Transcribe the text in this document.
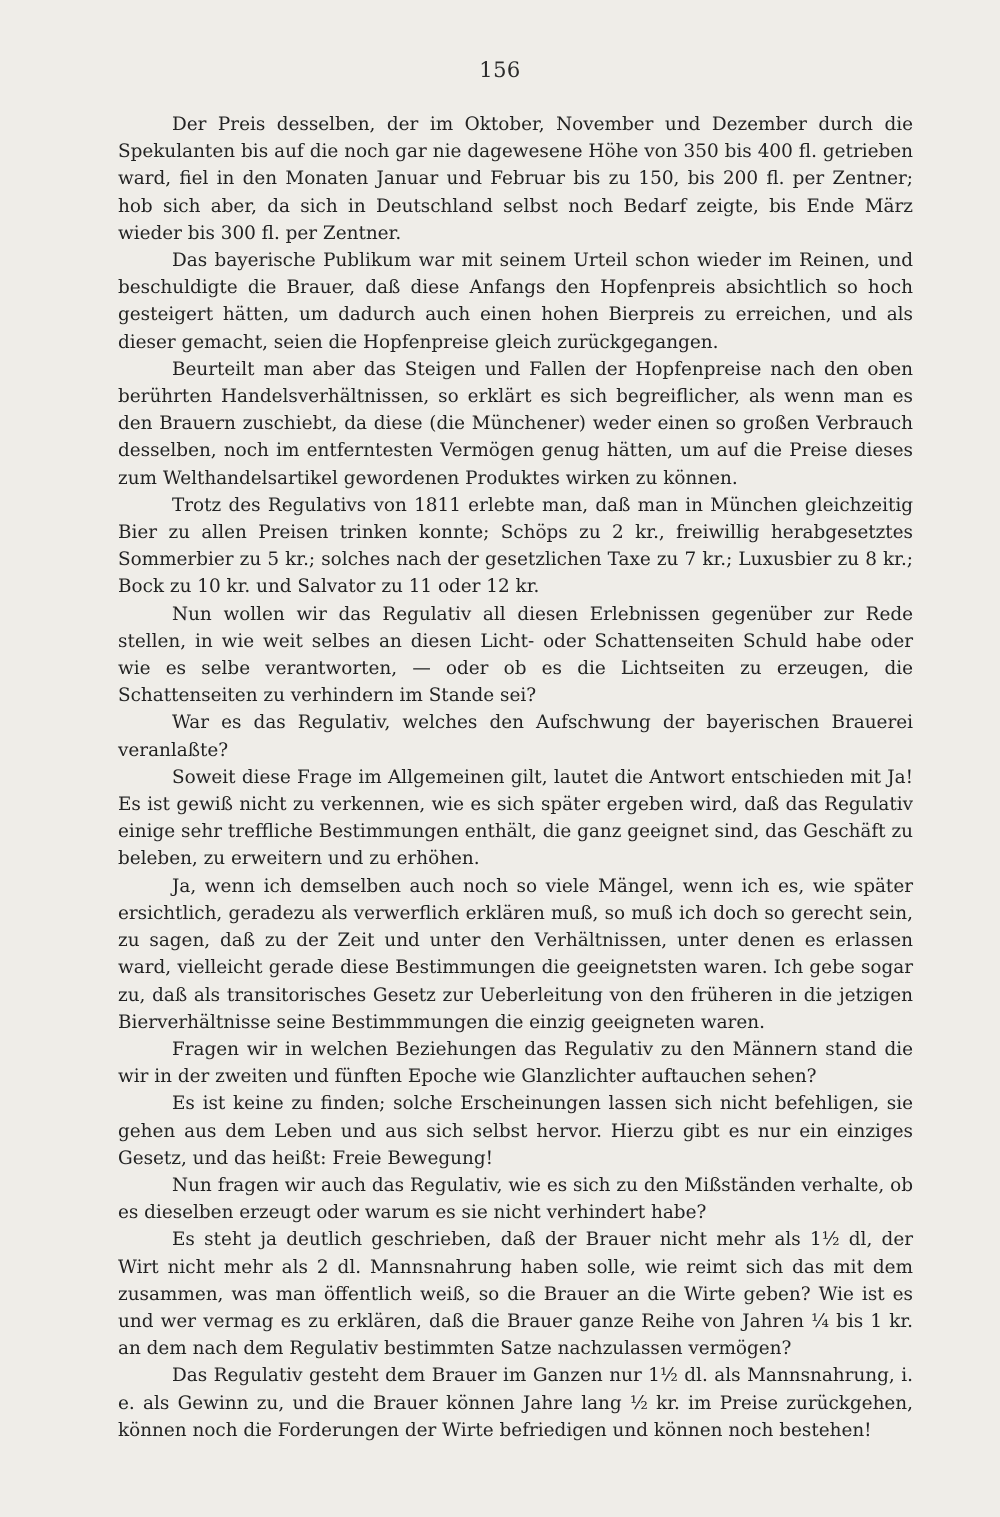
156

Der Preis desselben, der im Oktober, November und Dezember durch die Spekulanten bis auf die noch gar nie dagewesene Höhe von 350 bis 400 fl. getrieben ward, fiel in den Monaten Januar und Februar bis zu 150, bis 200 fl. per Zentner; hob sich aber, da sich in Deutschland selbst noch Bedarf zeigte, bis Ende März wieder bis 300 fl. per Zentner.

Das bayerische Publikum war mit seinem Urteil schon wieder im Reinen, und beschuldigte die Brauer, daß diese Anfangs den Hopfenpreis absichtlich so hoch gesteigert hätten, um dadurch auch einen hohen Bierpreis zu erreichen, und als dieser gemacht, seien die Hopfenpreise gleich zurückgegangen.

Beurteilt man aber das Steigen und Fallen der Hopfenpreise nach den oben berührten Handelsverhältnissen, so erklärt es sich begreiflicher, als wenn man es den Brauern zuschiebt, da diese (die Münchener) weder einen so großen Verbrauch desselben, noch im entferntesten Vermögen genug hätten, um auf die Preise dieses zum Welthandelsartikel gewordenen Produktes wirken zu können.

Trotz des Regulativs von 1811 erlebte man, daß man in München gleichzeitig Bier zu allen Preisen trinken konnte; Schöps zu 2 kr., freiwillig herabgesetztes Sommerbier zu 5 kr.; solches nach der gesetzlichen Taxe zu 7 kr.; Luxusbier zu 8 kr.; Bock zu 10 kr. und Salvator zu 11 oder 12 kr.

Nun wollen wir das Regulativ all diesen Erlebnissen gegenüber zur Rede stellen, in wie weit selbes an diesen Licht- oder Schattenseiten Schuld habe oder wie es selbe verantworten, — oder ob es die Lichtseiten zu erzeugen, die Schattenseiten zu verhindern im Stande sei?

War es das Regulativ, welches den Aufschwung der bayerischen Brauerei veranlaßte?

Soweit diese Frage im Allgemeinen gilt, lautet die Antwort entschieden mit Ja! Es ist gewiß nicht zu verkennen, wie es sich später ergeben wird, daß das Regulativ einige sehr treffliche Bestimmungen enthält, die ganz geeignet sind, das Geschäft zu beleben, zu erweitern und zu erhöhen.

Ja, wenn ich demselben auch noch so viele Mängel, wenn ich es, wie später ersichtlich, geradezu als verwerflich erklären muß, so muß ich doch so gerecht sein, zu sagen, daß zu der Zeit und unter den Verhältnissen, unter denen es erlassen ward, vielleicht gerade diese Bestimmungen die geeignetsten waren. Ich gebe sogar zu, daß als transitorisches Gesetz zur Ueberleitung von den früheren in die jetzigen Bierverhältnisse seine Bestimmmungen die einzig geeigneten waren.

Fragen wir in welchen Beziehungen das Regulativ zu den Männern stand die wir in der zweiten und fünften Epoche wie Glanzlichter auftauchen sehen?

Es ist keine zu finden; solche Erscheinungen lassen sich nicht befehligen, sie gehen aus dem Leben und aus sich selbst hervor. Hierzu gibt es nur ein einziges Gesetz, und das heißt: Freie Bewegung!

Nun fragen wir auch das Regulativ, wie es sich zu den Mißständen verhalte, ob es dieselben erzeugt oder warum es sie nicht verhindert habe?

Es steht ja deutlich geschrieben, daß der Brauer nicht mehr als 1½ dl, der Wirt nicht mehr als 2 dl. Mannsnahrung haben solle, wie reimt sich das mit dem zusammen, was man öffentlich weiß, so die Brauer an die Wirte geben? Wie ist es und wer vermag es zu erklären, daß die Brauer ganze Reihe von Jahren ¼ bis 1 kr. an dem nach dem Regulativ bestimmten Satze nachzulassen vermögen?

Das Regulativ gesteht dem Brauer im Ganzen nur 1½ dl. als Mannsnahrung, i. e. als Gewinn zu, und die Brauer können Jahre lang ½ kr. im Preise zurückgehen, können noch die Forderungen der Wirte befriedigen und können noch bestehen!
